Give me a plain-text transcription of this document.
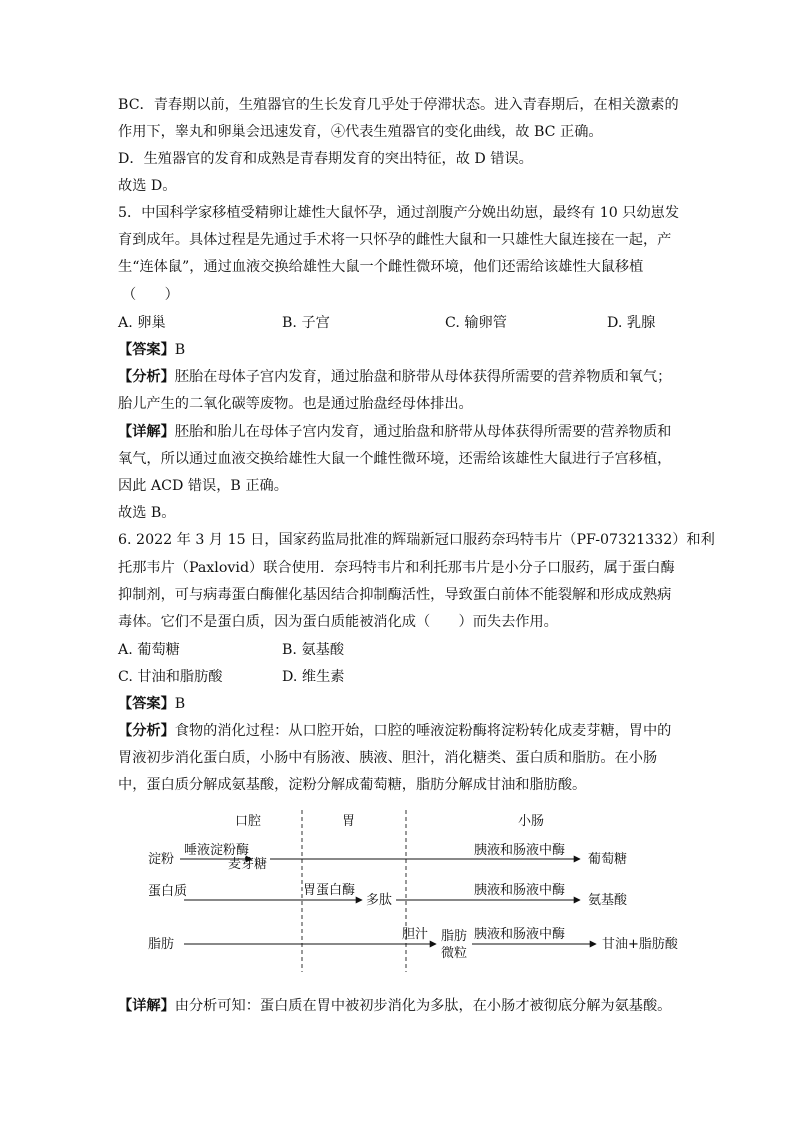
BC．青春期以前，生殖器官的生长发育几乎处于停滞状态。进入青春期后，在相关激素的
作用下，睾丸和卵巢会迅速发育，④代表生殖器官的变化曲线，故 BC 正确。
D．生殖器官的发育和成熟是青春期发育的突出特征，故 D 错误。
故选 D。
5．中国科学家移植受精卵让雄性大鼠怀孕，通过剖腹产分娩出幼崽，最终有 10 只幼崽发
育到成年。具体过程是先通过手术将一只怀孕的雌性大鼠和一只雄性大鼠连接在一起，产
生“连体鼠”，通过血液交换给雄性大鼠一个雌性微环境，他们还需给该雄性大鼠移植
（　　）
A. 卵巢	B. 子宫	C. 输卵管	D. 乳腺
【答案】B
【分析】胚胎在母体子宫内发育，通过胎盘和脐带从母体获得所需要的营养物质和氧气；
胎儿产生的二氧化碳等废物。也是通过胎盘经母体排出。
【详解】胚胎和胎儿在母体子宫内发育，通过胎盘和脐带从母体获得所需要的营养物质和
氧气，所以通过血液交换给雄性大鼠一个雌性微环境，还需给该雄性大鼠进行子宫移植，
因此 ACD 错误，B 正确。
故选 B。
6. 2022 年 3 月 15 日，国家药监局批准的辉瑞新冠口服药奈玛特韦片（PF-07321332）和利
托那韦片（Paxlovid）联合使用．奈玛特韦片和利托那韦片是小分子口服药，属于蛋白酶
抑制剂，可与病毒蛋白酶催化基因结合抑制酶活性，导致蛋白前体不能裂解和形成成熟病
毒体。它们不是蛋白质，因为蛋白质能被消化成（　　）而失去作用。
A. 葡萄糖	B. 氨基酸
C. 甘油和脂肪酸	D. 维生素
【答案】B
【分析】食物的消化过程：从口腔开始，口腔的唾液淀粉酶将淀粉转化成麦芽糖，胃中的
胃液初步消化蛋白质，小肠中有肠液、胰液、胆汁，消化糖类、蛋白质和脂肪。在小肠
中，蛋白质分解成氨基酸，淀粉分解成葡萄糖，脂肪分解成甘油和脂肪酸。
口腔	胃	小肠
淀粉
唾液淀粉酶
麦芽糖
胰液和肠液中酶
葡萄糖
蛋白质	胃蛋白酶
多肽
胰液和肠液中酶
氨基酸
脂肪
胆汁 脂肪
微粒
胰液和肠液中酶
甘油+脂肪酸
【详解】由分析可知：蛋白质在胃中被初步消化为多肽，在小肠才被彻底分解为氨基酸。
